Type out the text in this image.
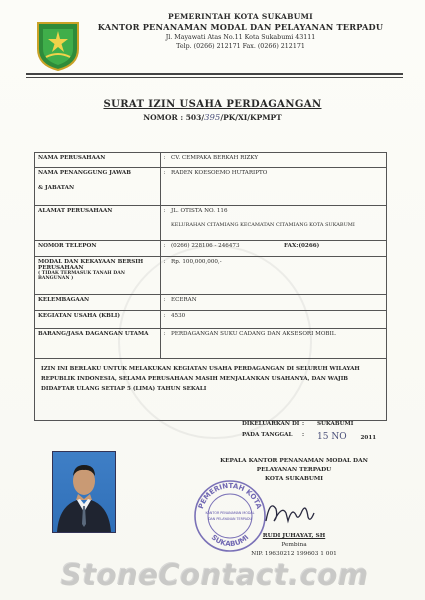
PEMERINTAH KOTA SUKABUMI
KANTOR PENANAMAN MODAL DAN PELAYANAN TERPADU
Jl. Mayawati Atas No.11 Kota Sukabumi 43111
Telp. (0266) 212171 Fax. (0266) 212171
SURAT IZIN USAHA PERDAGANGAN
NOMOR : 503/395/PK/XI/KPMPT
NAMA PERUSAHAAN	:	CV. CEMPAKA BERKAH RIZKY

NAMA PENANGGUNG JAWAB
& JABATAN	:	RADEN KOESOEMO HUTARIPTO
ALAMAT PERUSAHAAN	:	JL. OTISTA NO. 116
KELURAHAN CITAMIANG KECAMATAN CITAMIANG KOTA SUKABUMI

NOMOR TELEPON	:	(0266) 228106 - 246473 FAX:(0266)

MODAL DAN KEKAYAAN BERSIH
PERUSAHAAN
( TIDAK TERMASUK TANAH DAN BANGUNAN )	:	Rp. 100,000,000,-
KELEMBAGAAN	:	ECERAN
KEGIATAN USAHA (KBLI)	:	4530
BARANG/JASA DAGANGAN UTAMA	:	PERDAGANGAN SUKU CADANG DAN AKSESORI MOBIL
IZIN INI BERLAKU UNTUK MELAKUKAN KEGIATAN USAHA PERDAGANGAN DI SELURUH WILAYAH REPUBLIK INDONESIA, SELAMA PERUSAHAAN MASIH MENJALANKAN USAHANYA, DAN WAJIB DIDAFTAR ULANG SETIAP 5 (LIMA) TAHUN SEKALI		
DIKELUARKAN DI : SUKABUMI
PADA TANGGAL : 15 NO 2011
KEPALA KANTOR PENANAMAN MODAL DAN
PELAYANAN TERPADU
KOTA SUKABUMI
PEMERINTAH KOTA
SUKABUMI
KANTOR PENANAMAN MODAL
DAN PELAYANAN TERPADU
RUDI JUHAYAT, SH
Pembina
NIP. 19630212 199603 1 001
StoneContact.com
